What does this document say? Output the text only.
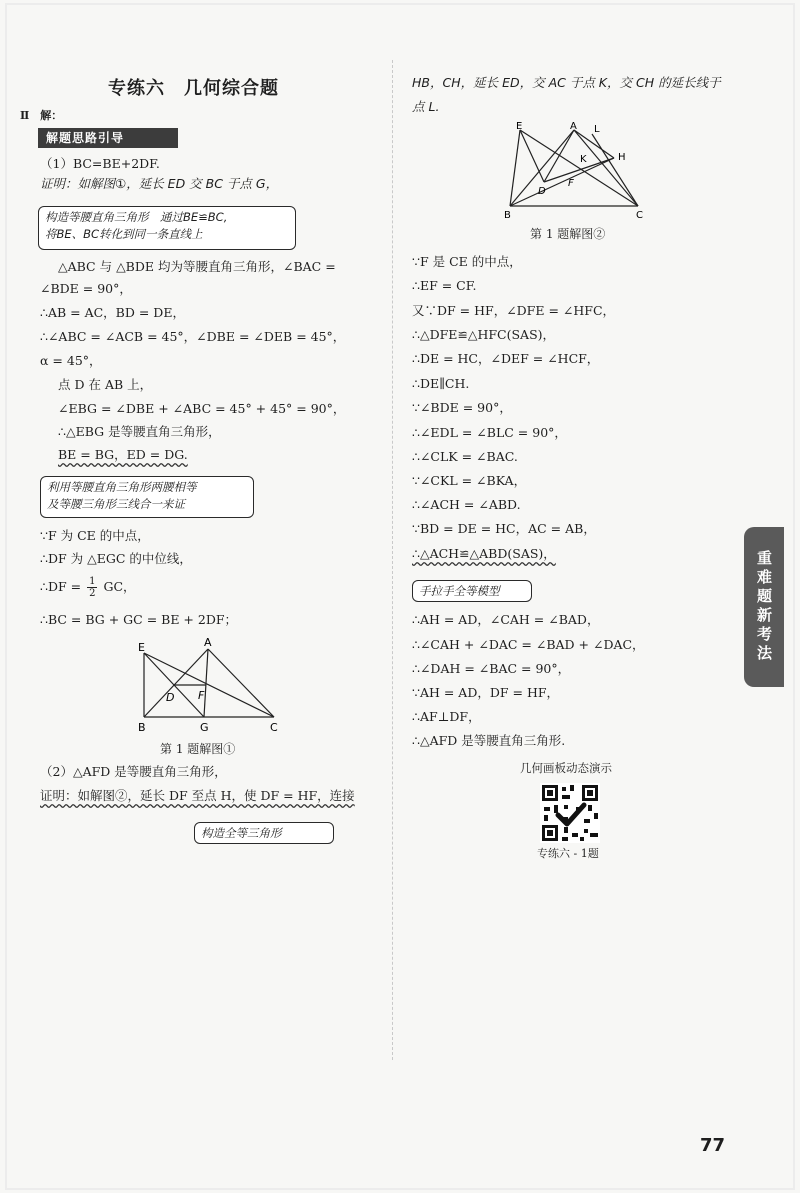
专练六　几何综合题
Ⅱ　解：
解题思路引导
（1）BC=BE+2DF.
证明：如解图①，延长 ED 交 BC 于点 G，
构造等腰直角三角形　通过BE≌BC,
将BE、BC转化到同一条直线上
△ABC 与 △BDE 均为等腰直角三角形，∠BAC =
∠BDE = 90°，
∴AB = AC，BD = DE，
∴∠ABC = ∠ACB = 45°，∠DBE = ∠DEB = 45°，
α = 45°，
点 D 在 AB 上，
∠EBG = ∠DBE + ∠ABC = 45° + 45° = 90°，
∴△EBG 是等腰直角三角形，
BE = BG，ED = DG.
利用等腰直角三角形两腰相等
及等腰三角形三线合一来证
∵F 为 CE 的中点，
∴DF 为 △EGC 的中位线，
∴DF = $\frac{1}{2}$ GC，
∴BC = BG + GC = BE + 2DF；
E	A
D F
B	G	C
第 1 题解图①
（2）△AFD 是等腰直角三角形，
证明：如解图②，延长 DF 至点 H，使 DF = HF，连接
构造全等三角形
HB，CH，延长 ED，交 AC 于点 K，交 CH 的延长线于
点 L.
E	A L
K	H
D
F
B	C
第 1 题解图②
∵F 是 CE 的中点，
∴EF = CF.
又∵DF = HF，∠DFE = ∠HFC，
∴△DFE≌△HFC(SAS)，
∴DE = HC，∠DEF = ∠HCF，
∴DE∥CH.
∵∠BDE = 90°，
∴∠EDL = ∠BLC = 90°，
∴∠CLK = ∠BAC.
∵∠CKL = ∠BKA，
∴∠ACH = ∠ABD.
∵BD = DE = HC，AC = AB，
∴△ACH≌△ABD(SAS)，
手拉手全等模型
∴AH = AD，∠CAH = ∠BAD，
∴∠CAH + ∠DAC = ∠BAD + ∠DAC，
∴∠DAH = ∠BAC = 90°，
∵AH = AD，DF = HF，
∴AF⊥DF，
∴△AFD 是等腰直角三角形.
几何画板动态演示
专练六 - 1题
重难题新考法
77
